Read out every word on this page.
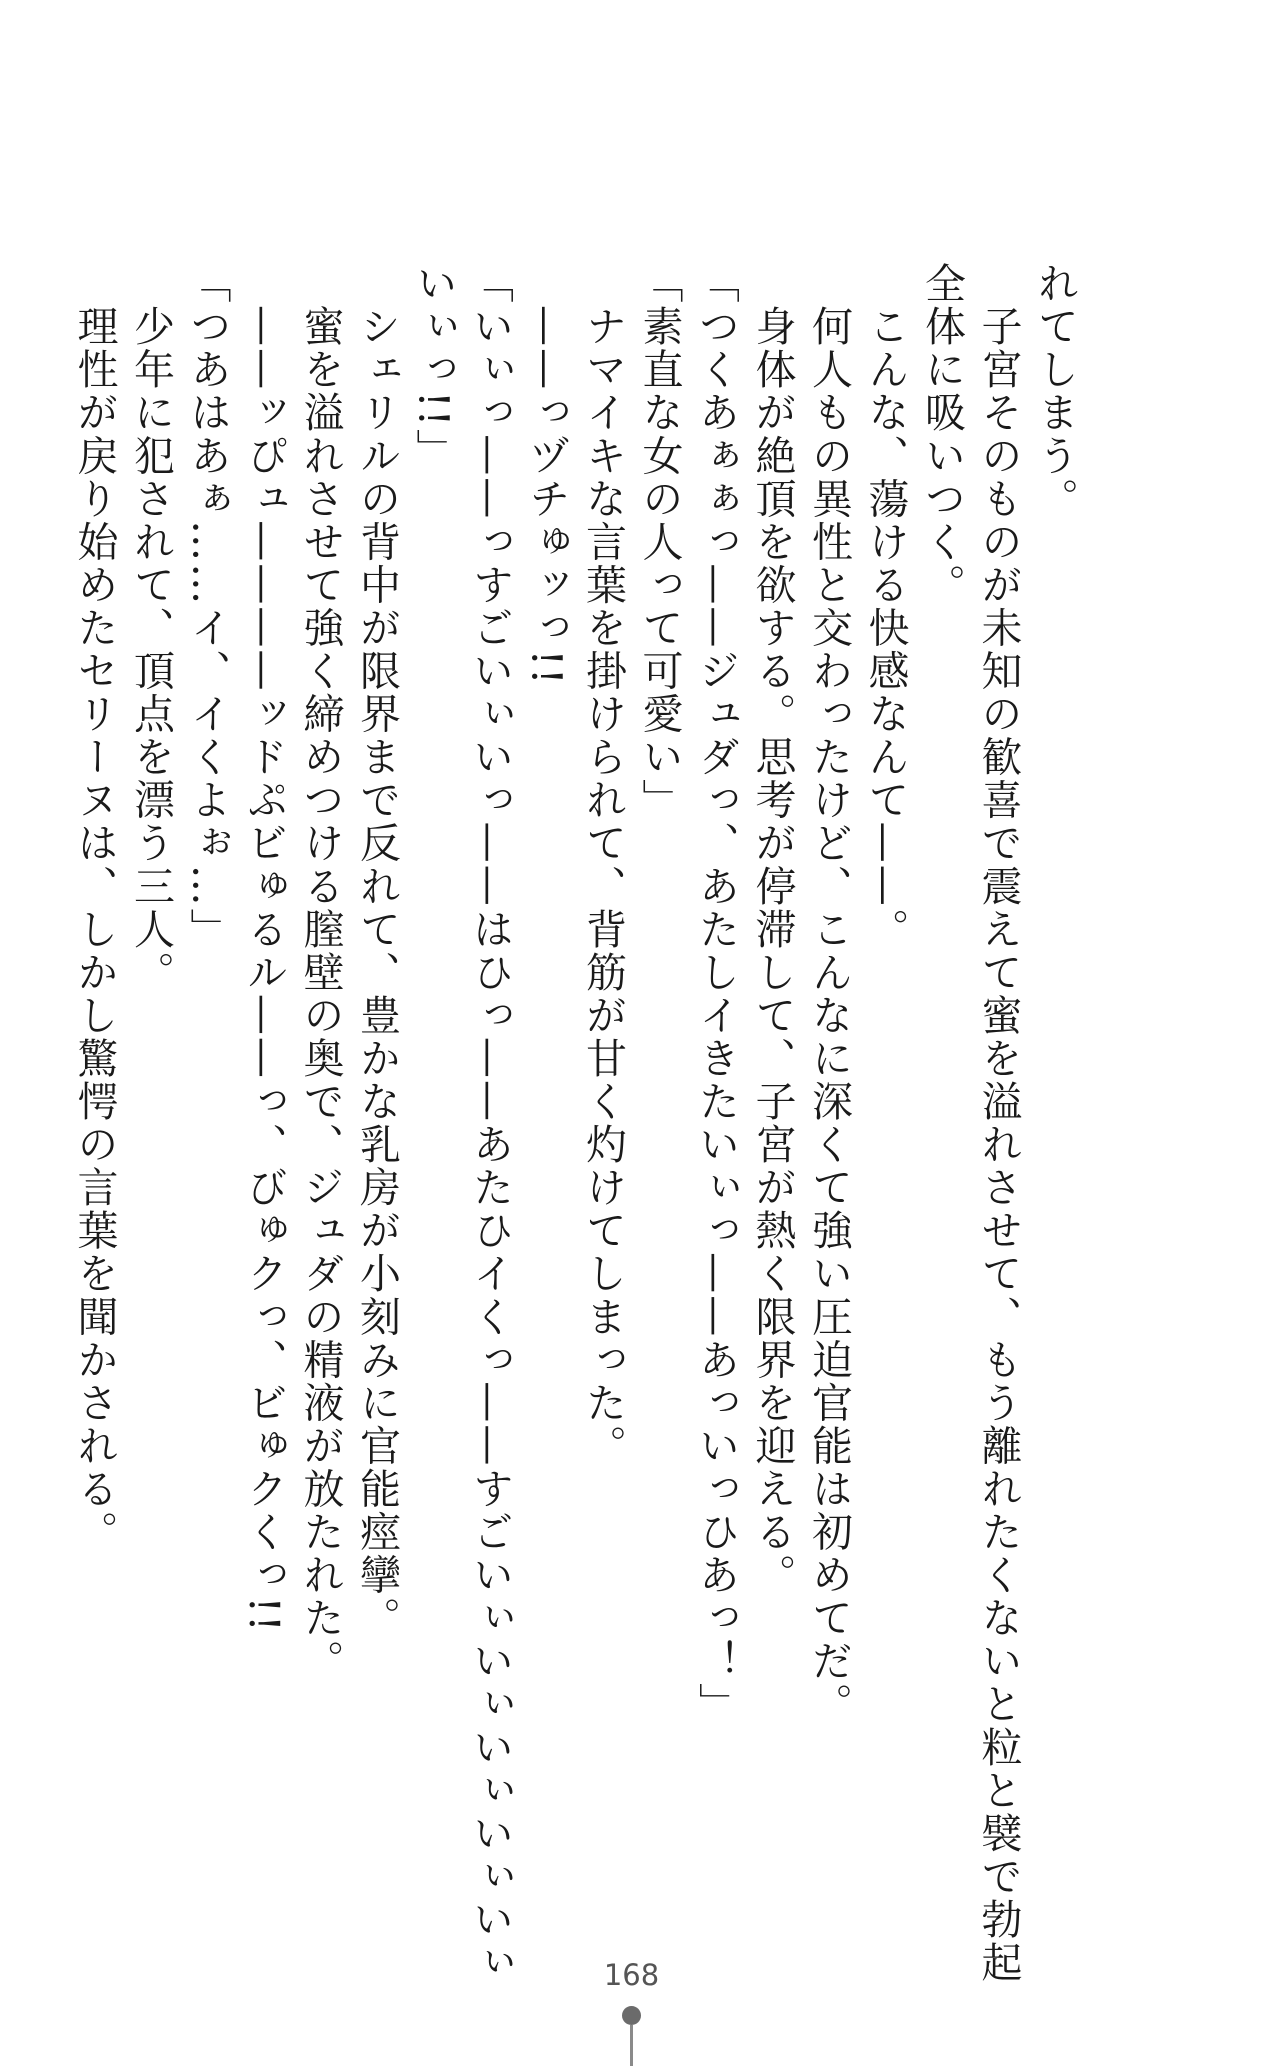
れてしまう。
　子宮そのものが未知の歓喜で震えて蜜を溢れさせて、もう離れたくないと粒と襞で勃起
全体に吸いつく。
　こんな、蕩ける快感なんて——。
　何人もの異性と交わったけど、こんなに深くて強い圧迫官能は初めてだ。
　身体が絶頂を欲する。思考が停滞して、子宮が熱く限界を迎える。
「つくあぁぁっ——ジュダっ、あたしイきたいぃっ——あっいっひあっ！」
「素直な女の人って可愛い」
　ナマイキな言葉を掛けられて、背筋が甘く灼けてしまった。
　——っヅチゅッっ!!
「いぃっ——っすごいぃいっ——はひっ——あたひイくっ——すごいぃいぃいぃいぃいぃ
いぃっ!!」
　シェリルの背中が限界まで反れて、豊かな乳房が小刻みに官能痙攣。
　蜜を溢れさせて強く締めつける膣壁の奥で、ジュダの精液が放たれた。
　——ッぴュ————ッドぷビゅるル——っ、びゅクっ、ビゅクくっ!!
「つあはあぁ……イ、イくよぉ…」
　少年に犯されて、頂点を漂う三人。
　理性が戻り始めたセリーヌは、しかし驚愕の言葉を聞かされる。
168
